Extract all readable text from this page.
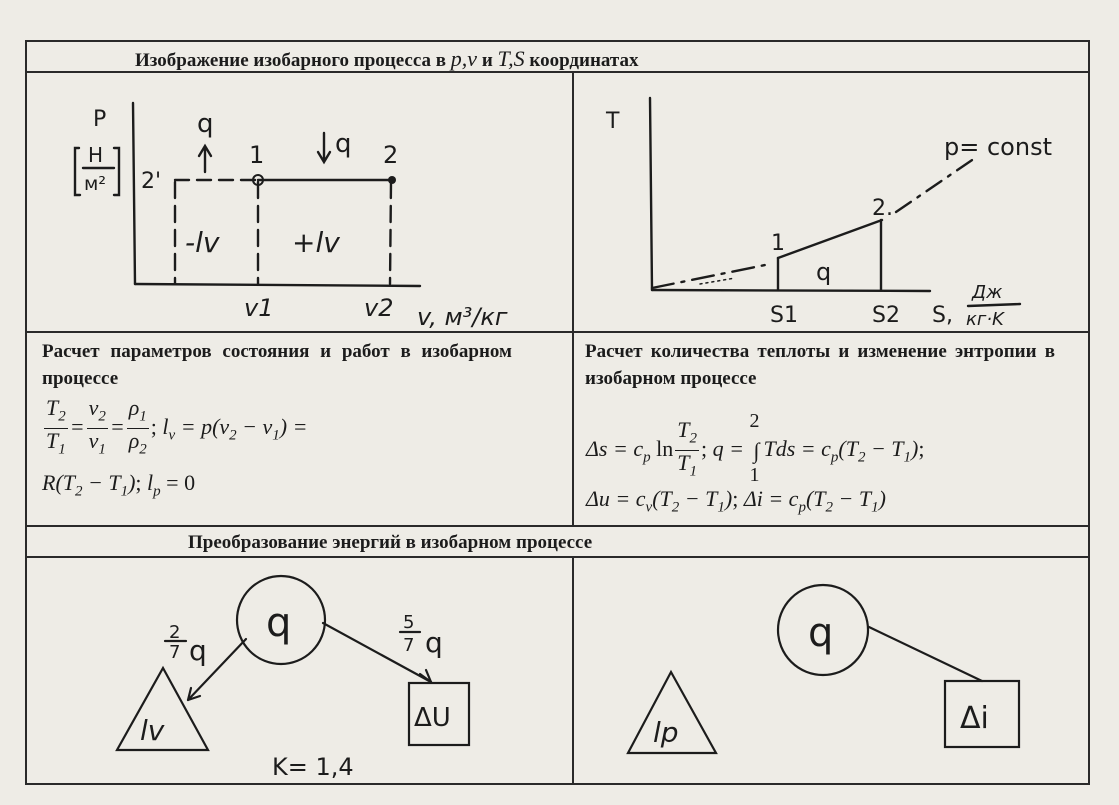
Изображение изобарного процесса в p,v и T,S координатах
P
Н
м² 2'
q
1	q 2
-lv	+lv
v1	v2 v, м³/кг
T
p= const
2.
1
q
S1	S2 S,
Дж
кг·K
Расчет параметров состояния и работ в изобарном процессе
$\frac{T_2}{T_1} = \frac{v_2}{v_1} = \frac{\rho_1}{\rho_2}$ ; $l_v = p(v_2 - v_1)$ =
$R(T_2 - T_1)$; $l_p = 0$
Расчет количества теплоты и изменение энтропии в изобарном процессе
$\Delta s = c_p$ $\ln \frac{T_2}{T_1}$ ; q =
2
∫
1
Tds = $c_p(T_2 - T_1)$;
$\Delta u = c_v(T_2 - T_1)$; $\Delta i = c_p(T_2 - T_1)$
Преобразование энергий в изобарном процессе
q
2
7 q
5
7 q
lv	ΔU
K= 1,4
q
lp	Δi
